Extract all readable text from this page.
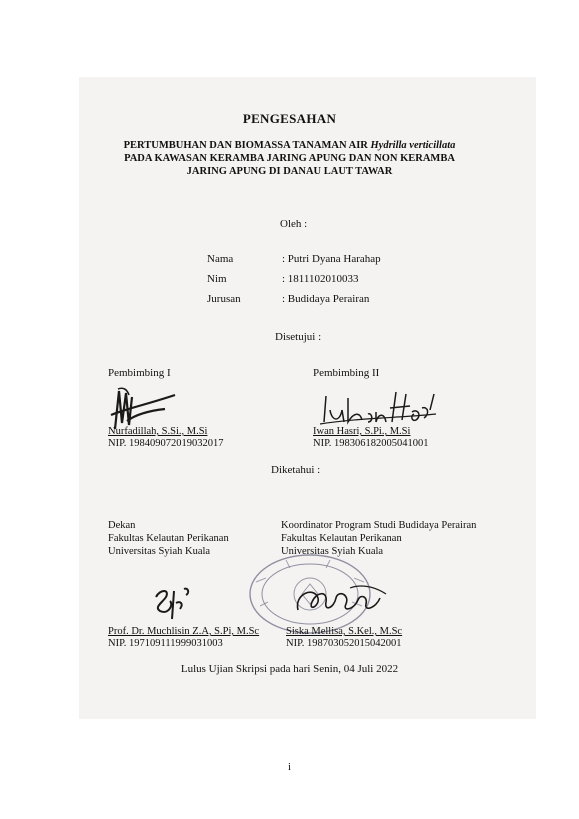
PENGESAHAN
PERTUMBUHAN DAN BIOMASSA TANAMAN AIR Hydrilla verticillata
PADA KAWASAN KERAMBA JARING APUNG DAN NON KERAMBA
JARING APUNG DI DANAU LAUT TAWAR
Oleh :
Nama	: Putri Dyana Harahap
Nim	: 1811102010033
Jurusan	: Budidaya Perairan
Disetujui :
Pembimbing I
Nurfadillah, S.Si., M.Si
NIP. 198409072019032017
Pembimbing II
Iwan Hasri, S.Pi., M.Si
NIP. 198306182005041001
Diketahui :
Dekan
Fakultas Kelautan Perikanan
Universitas Syiah Kuala
Koordinator Program Studi Budidaya Perairan
Fakultas Kelautan Perikanan
Universitas Syiah Kuala
Prof. Dr. Muchlisin Z.A, S.Pi, M.Sc
NIP. 197109111999031003
Siska Mellisa, S.Kel., M.Sc
NIP. 198703052015042001
Lulus Ujian Skripsi pada hari Senin, 04 Juli 2022
i
